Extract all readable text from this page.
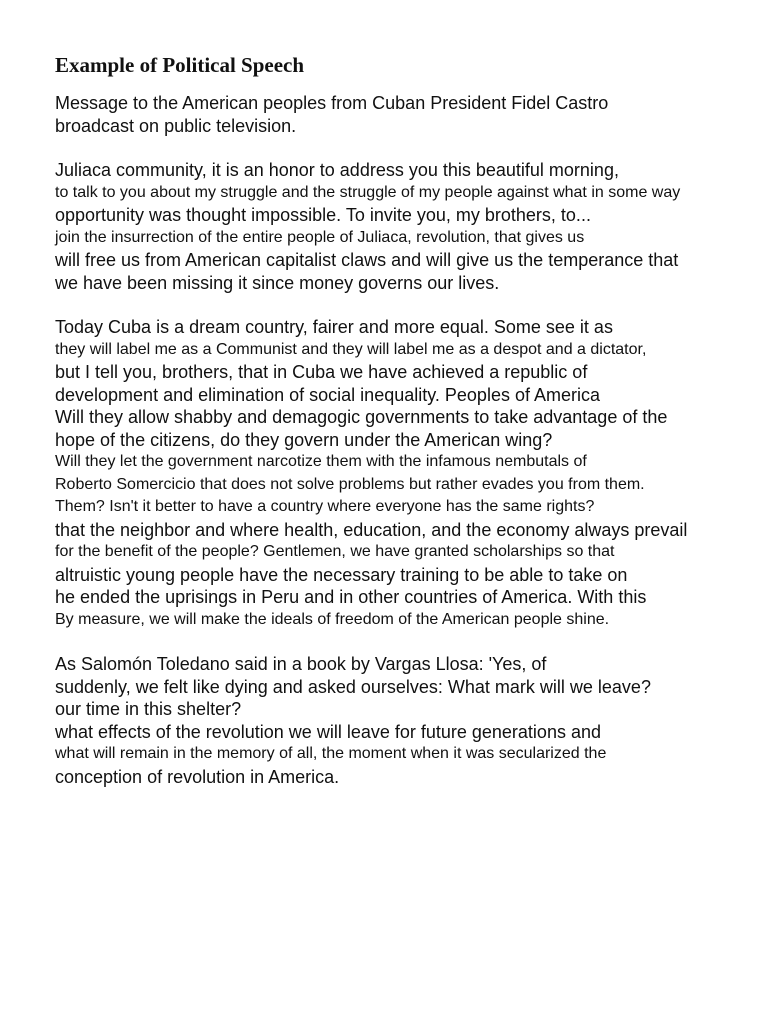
Example of Political Speech
Message to the American peoples from Cuban President Fidel Castro
broadcast on public television.
Juliaca community, it is an honor to address you this beautiful morning,
to talk to you about my struggle and the struggle of my people against what in some way
opportunity was thought impossible. To invite you, my brothers, to...
join the insurrection of the entire people of Juliaca, revolution, that gives us
will free us from American capitalist claws and will give us the temperance that
we have been missing it since money governs our lives.
Today Cuba is a dream country, fairer and more equal. Some see it as
they will label me as a Communist and they will label me as a despot and a dictator,
but I tell you, brothers, that in Cuba we have achieved a republic of
development and elimination of social inequality. Peoples of America
Will they allow shabby and demagogic governments to take advantage of the
hope of the citizens, do they govern under the American wing?
Will they let the government narcotize them with the infamous nembutals of
Roberto Somercicio that does not solve problems but rather evades you from them.
Them? Isn't it better to have a country where everyone has the same rights?
that the neighbor and where health, education, and the economy always prevail
for the benefit of the people? Gentlemen, we have granted scholarships so that
altruistic young people have the necessary training to be able to take on
he ended the uprisings in Peru and in other countries of America. With this
By measure, we will make the ideals of freedom of the American people shine.
As Salomón Toledano said in a book by Vargas Llosa: 'Yes, of
suddenly, we felt like dying and asked ourselves: What mark will we leave?
our time in this shelter?
what effects of the revolution we will leave for future generations and
what will remain in the memory of all, the moment when it was secularized the
conception of revolution in America.
